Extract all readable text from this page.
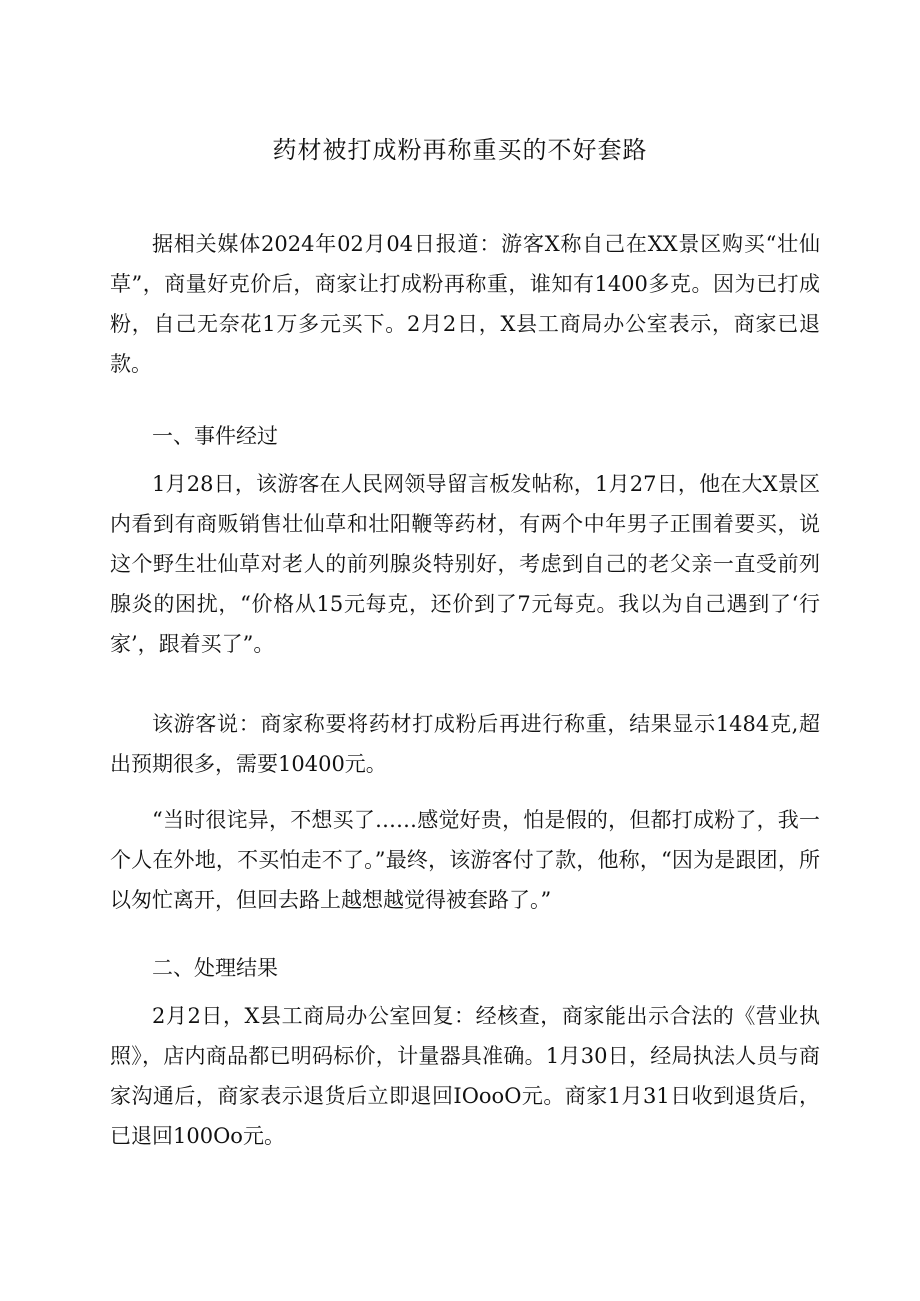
药材被打成粉再称重买的不好套路

据相关媒体2024年02月04日报道：游客X称自己在XX景区购买“壮仙草”，商量好克价后，商家让打成粉再称重，谁知有1400多克。因为已打成粉，自己无奈花1万多元买下。2月2日，X县工商局办公室表示，商家已退款。

一、事件经过

1月28日，该游客在人民网领导留言板发帖称，1月27日，他在大X景区内看到有商贩销售壮仙草和壮阳鞭等药材，有两个中年男子正围着要买，说这个野生壮仙草对老人的前列腺炎特别好，考虑到自己的老父亲一直受前列腺炎的困扰，“价格从15元每克，还价到了7元每克。我以为自己遇到了‘行家’，跟着买了”。

该游客说：商家称要将药材打成粉后再进行称重，结果显示1484克,超出预期很多，需要10400元。

“当时很诧异，不想买了……感觉好贵，怕是假的，但都打成粉了，我一个人在外地，不买怕走不了。”最终，该游客付了款，他称，“因为是跟团，所以匆忙离开，但回去路上越想越觉得被套路了。”

二、处理结果

2月2日，X县工商局办公室回复：经核查，商家能出示合法的《营业执照》，店内商品都已明码标价，计量器具准确。1月30日，经局执法人员与商家沟通后，商家表示退货后立即退回IOooO元。商家1月31日收到退货后，已退回100Oo元。
